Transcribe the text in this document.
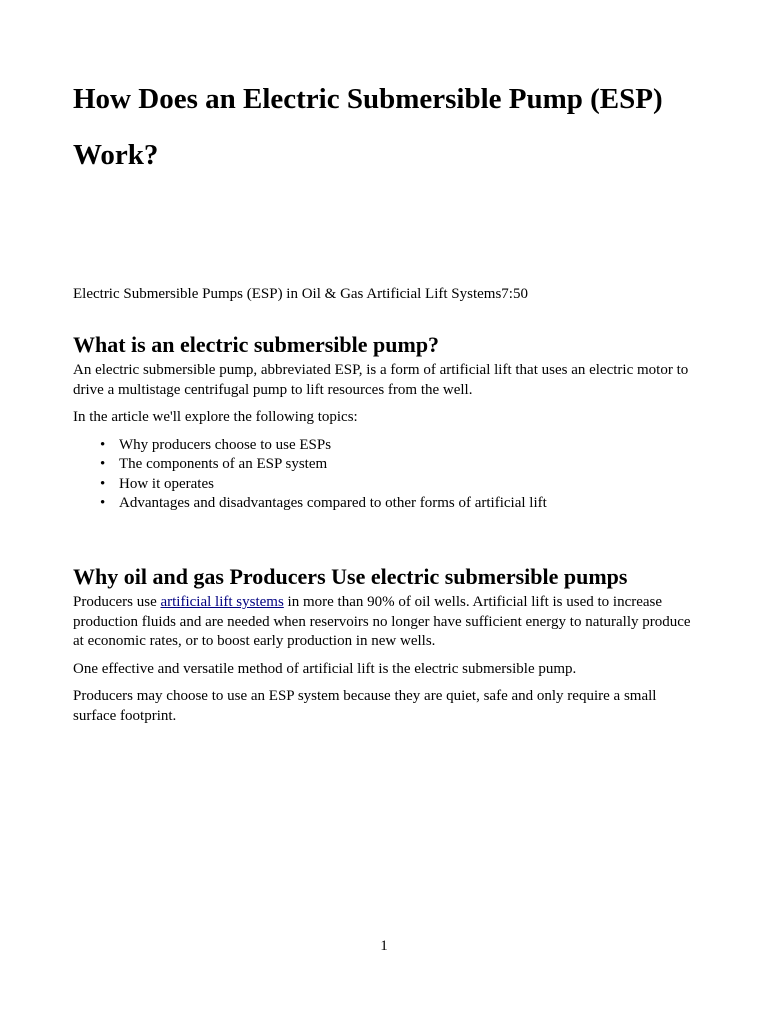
How Does an Electric Submersible Pump (ESP)
Work?

Electric Submersible Pumps (ESP) in Oil & Gas Artificial Lift Systems7:50

What is an electric submersible pump?

An electric submersible pump, abbreviated ESP, is a form of artificial lift that uses an electric motor to drive a multistage centrifugal pump to lift resources from the well.

In the article we'll explore the following topics:

• Why producers choose to use ESPs
• The components of an ESP system
• How it operates
• Advantages and disadvantages compared to other forms of artificial lift
Why oil and gas Producers Use electric submersible pumps

Producers use artificial lift systems in more than 90% of oil wells. Artificial lift is used to increase production fluids and are needed when reservoirs no longer have sufficient energy to naturally produce at economic rates, or to boost early production in new wells.

One effective and versatile method of artificial lift is the electric submersible pump.

Producers may choose to use an ESP system because they are quiet, safe and only require a small surface footprint.

1
